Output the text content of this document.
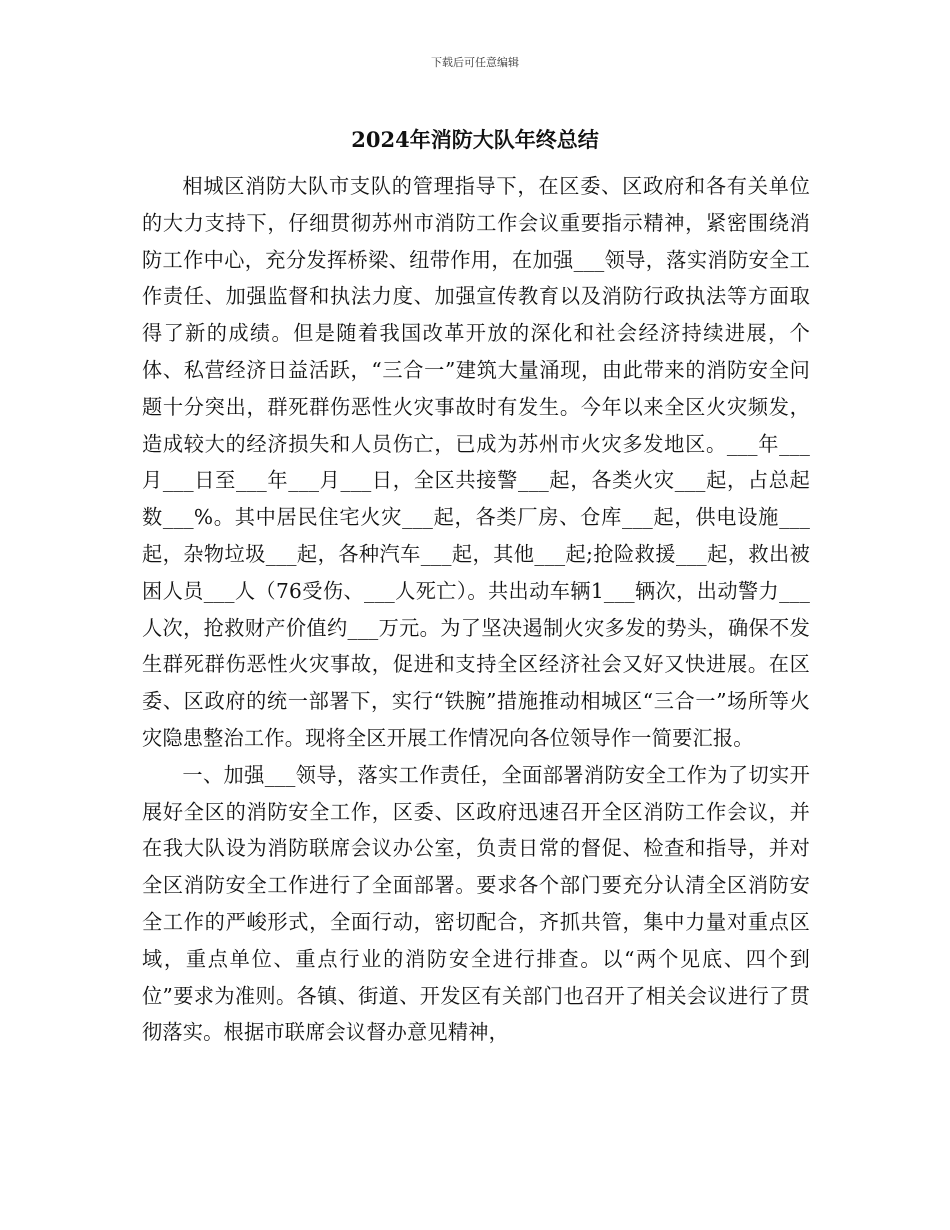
下载后可任意编辑
2024年消防大队年终总结

相城区消防大队市支队的管理指导下，在区委、区政府和各有关单位的大力支持下，仔细贯彻苏州市消防工作会议重要指示精神，紧密围绕消防工作中心，充分发挥桥梁、纽带作用，在加强___领导，落实消防安全工作责任、加强监督和执法力度、加强宣传教育以及消防行政执法等方面取得了新的成绩。但是随着我国改革开放的深化和社会经济持续进展，个体、私营经济日益活跃，“三合一”建筑大量涌现，由此带来的消防安全问题十分突出，群死群伤恶性火灾事故时有发生。今年以来全区火灾频发，造成较大的经济损失和人员伤亡，已成为苏州市火灾多发地区。___年___月___日至___年___月___日，全区共接警___起，各类火灾___起，占总起数___%。其中居民住宅火灾___起，各类厂房、仓库___起，供电设施___起，杂物垃圾___起，各种汽车___起，其他___起;抢险救援___起，救出被困人员___人（76受伤、___人死亡）。共出动车辆1___辆次，出动警力___人次，抢救财产价值约___万元。为了坚决遏制火灾多发的势头，确保不发生群死群伤恶性火灾事故，促进和支持全区经济社会又好又快进展。在区委、区政府的统一部署下，实行“铁腕”措施推动相城区“三合一”场所等火灾隐患整治工作。现将全区开展工作情况向各位领导作一简要汇报。

一、加强___领导，落实工作责任，全面部署消防安全工作为了切实开展好全区的消防安全工作，区委、区政府迅速召开全区消防工作会议，并在我大队设为消防联席会议办公室，负责日常的督促、检查和指导，并对全区消防安全工作进行了全面部署。要求各个部门要充分认清全区消防安全工作的严峻形式，全面行动，密切配合，齐抓共管，集中力量对重点区域，重点单位、重点行业的消防安全进行排查。以“两个见底、四个到位”要求为准则。各镇、街道、开发区有关部门也召开了相关会议进行了贯彻落实。根据市联席会议督办意见精神，
